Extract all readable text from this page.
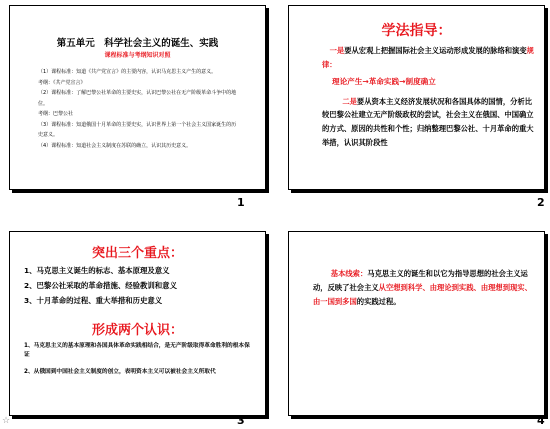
第五单元　科学社会主义的诞生、实践
课程标准与考纲知识对照

（1）课程标准：知道《共产党宣言》的主要内容，认识马克思主义产生的意义。

考纲：《共产党宣言》

（2）课程标准：了解巴黎公社革命的主要史实，认识巴黎公社在无产阶级革命斗争中的地位。

考纲：巴黎公社

（3）课程标准：知道俄国十月革命的主要史实，认识世界上第一个社会主义国家诞生的历史意义。

（4）课程标准：知道社会主义制度在苏联的确立，认识其历史意义。

1
学法指导：

一是要从宏观上把握国际社会主义运动形成发展的脉络和演变规律：

理论产生→革命实践→制度确立

二是要从资本主义经济发展状况和各国具体的国情，分析比较巴黎公社建立无产阶级政权的尝试，社会主义在俄国、中国确立的方式、原因的共性和个性；归纳整理巴黎公社、十月革命的重大举措，认识其阶段性

2
突出三个重点：

1、马克思主义诞生的标志、基本原理及意义

2、巴黎公社采取的革命措施、经验教训和意义

3、十月革命的过程、重大举措和历史意义

形成两个认识：

1、马克思主义的基本原理和各国具体革命实践相结合，是无产阶级取得革命胜利的根本保证

2、从俄国到中国社会主义制度的创立，表明资本主义可以被社会主义所取代

3
基本线索：马克思主义的诞生和以它为指导思想的社会主义运动，反映了社会主义从空想到科学、由理论到实践、由理想到现实、由一国到多国的实践过程。
4
☆
